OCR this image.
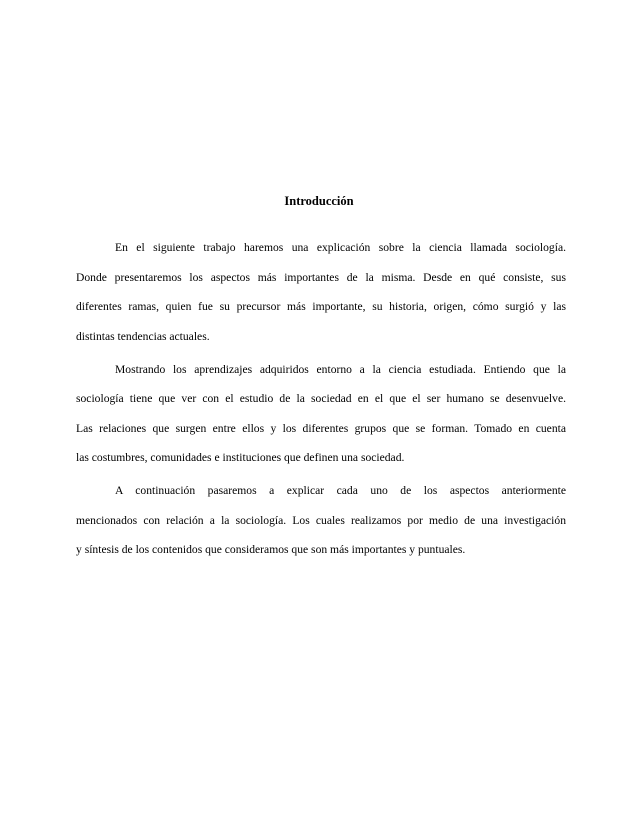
Introducción
En el siguiente trabajo haremos una explicación sobre la ciencia llamada sociología.
Donde presentaremos los aspectos más importantes de la misma. Desde en qué consiste, sus
diferentes ramas, quien fue su precursor más importante, su historia, origen, cómo surgió y las
distintas tendencias actuales.
Mostrando los aprendizajes adquiridos entorno a la ciencia estudiada. Entiendo que la
sociología tiene que ver con el estudio de la sociedad en el que el ser humano se desenvuelve.
Las relaciones que surgen entre ellos y los diferentes grupos que se forman. Tomado en cuenta
las costumbres, comunidades e instituciones que definen una sociedad.
A continuación pasaremos a explicar cada uno de los aspectos anteriormente
mencionados con relación a la sociología. Los cuales realizamos por medio de una investigación
y síntesis de los contenidos que consideramos que son más importantes y puntuales.
